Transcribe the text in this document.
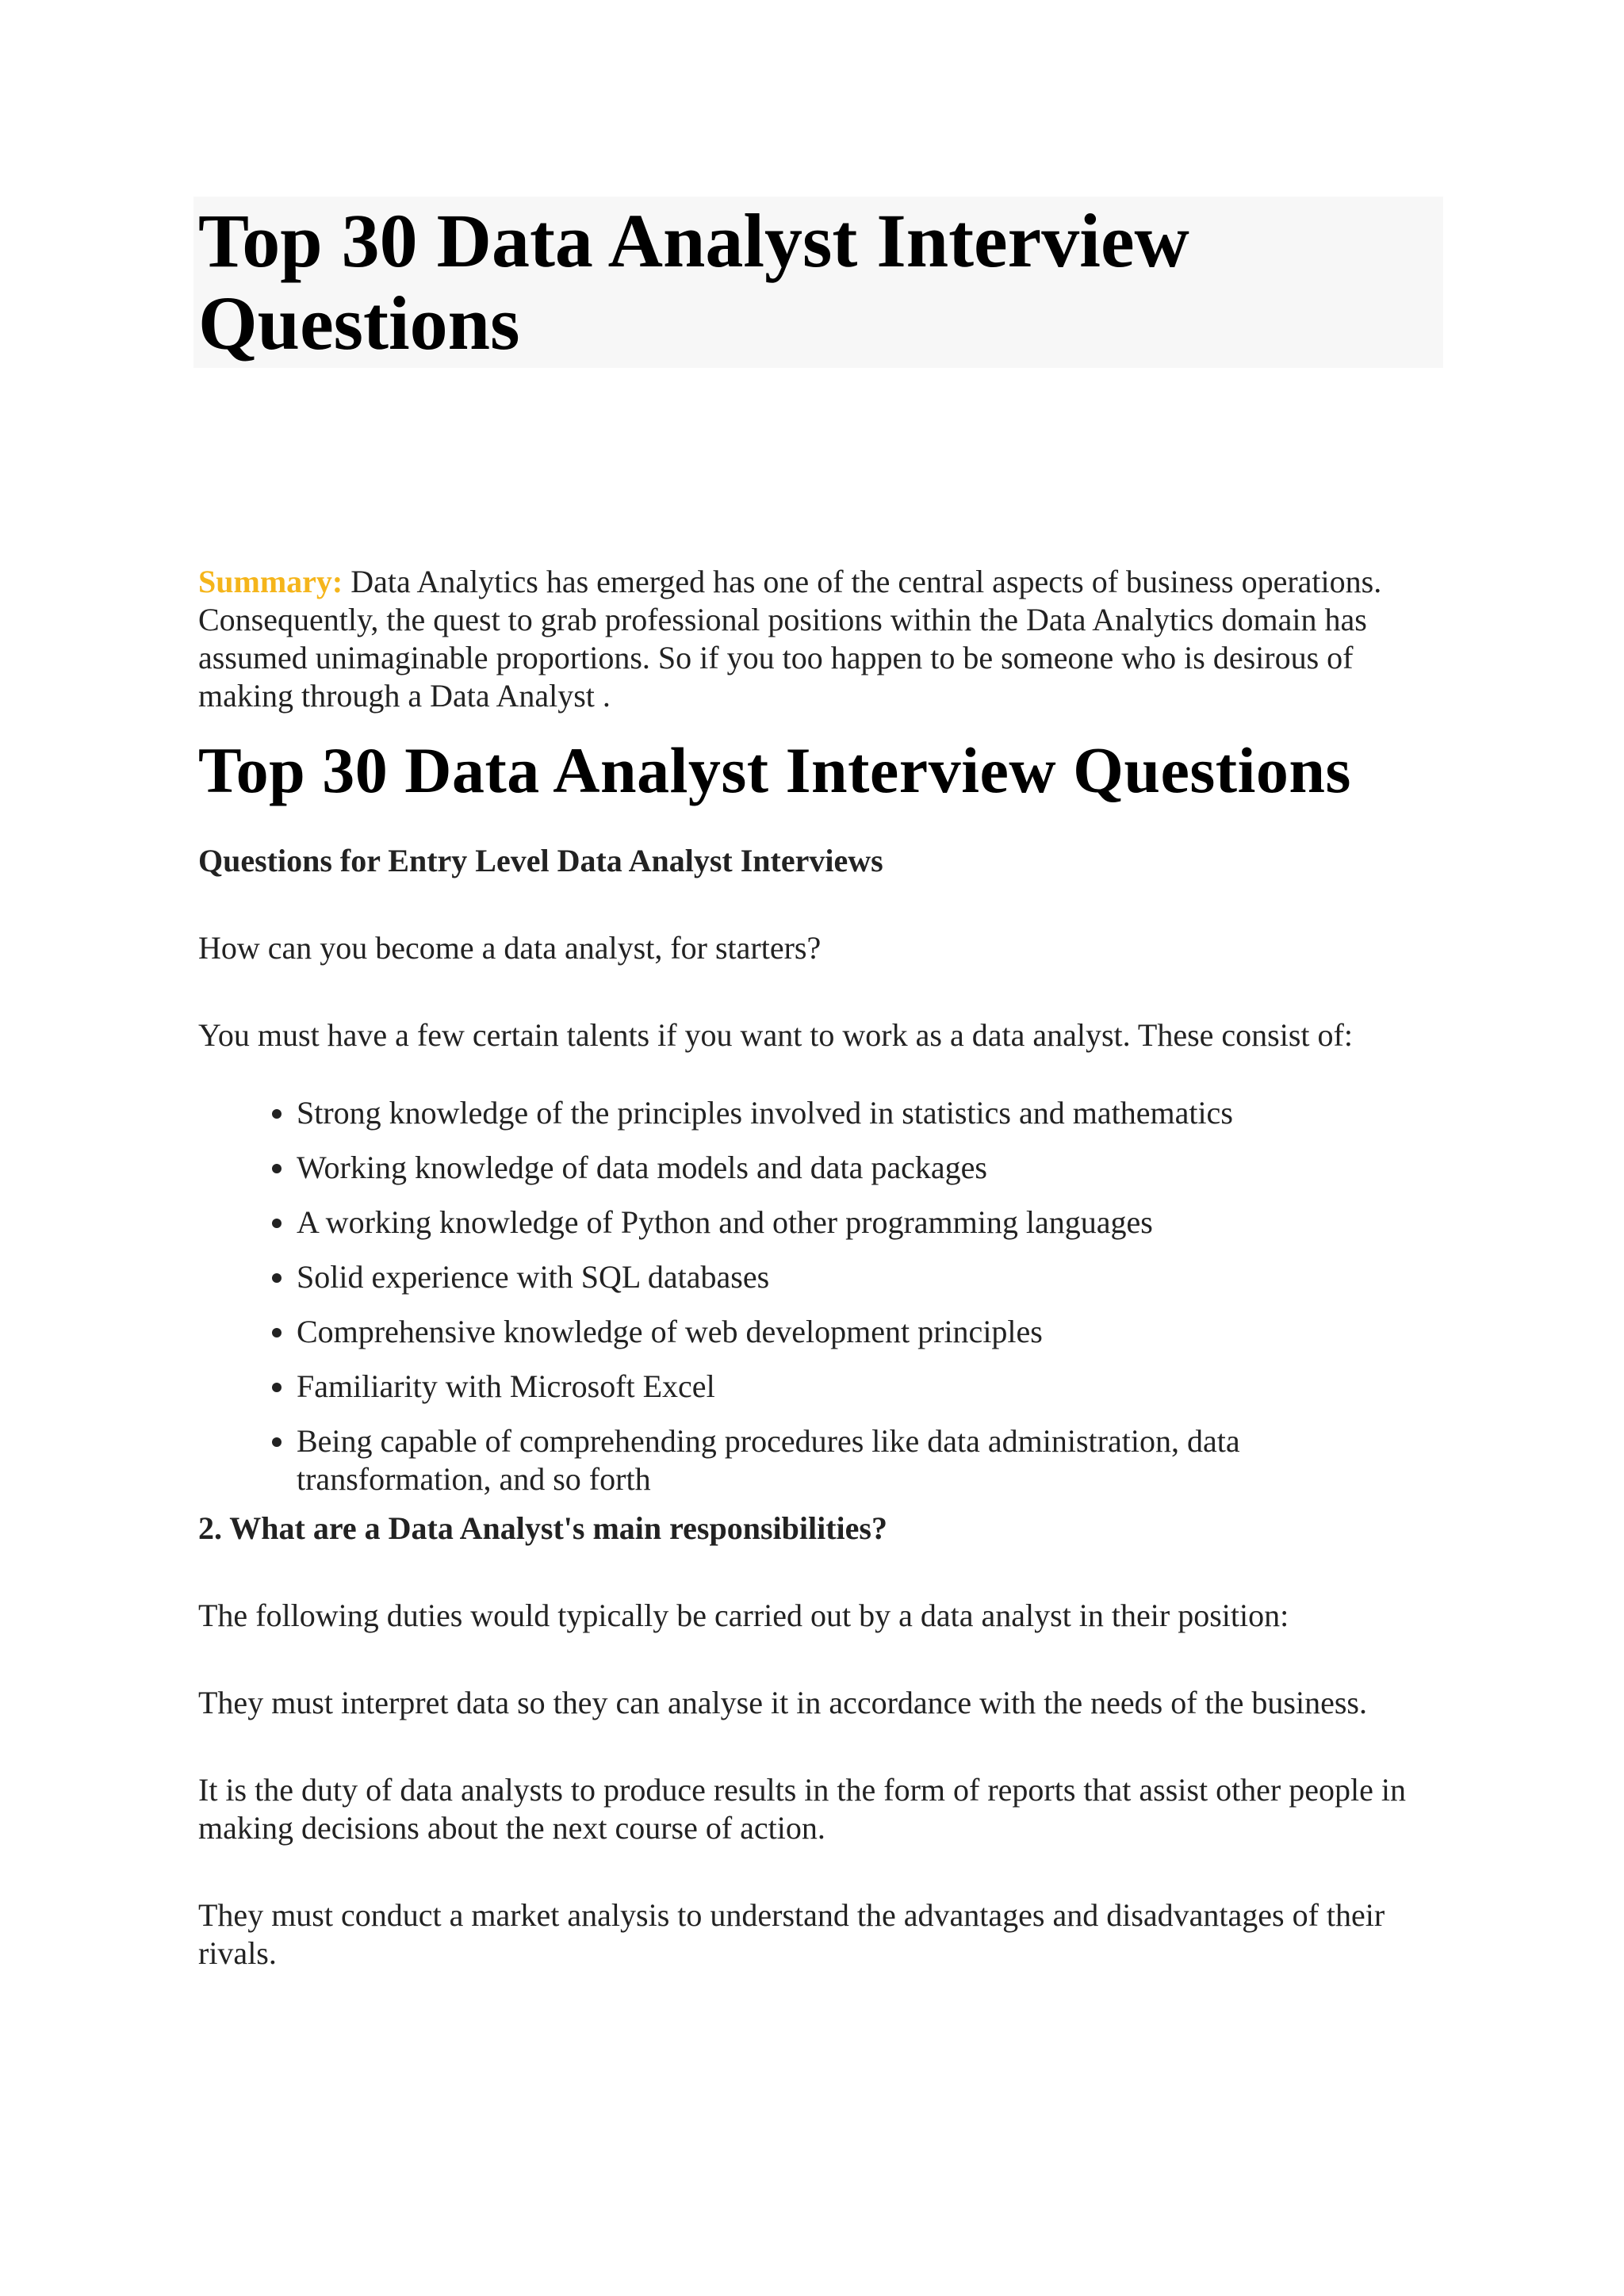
Top 30 Data Analyst Interview Questions

Summary: Data Analytics has emerged has one of the central aspects of business operations. Consequently, the quest to grab professional positions within the Data Analytics domain has assumed unimaginable proportions. So if you too happen to be someone who is desirous of making through a Data Analyst .

Top 30 Data Analyst Interview Questions
Questions for Entry Level Data Analyst Interviews

How can you become a data analyst, for starters?

You must have a few certain talents if you want to work as a data analyst. These consist of:

• Strong knowledge of the principles involved in statistics and mathematics
• Working knowledge of data models and data packages
• A working knowledge of Python and other programming languages
• Solid experience with SQL databases
• Comprehensive knowledge of web development principles
• Familiarity with Microsoft Excel
• Being capable of comprehending procedures like data administration, data transformation, and so forth
2. What are a Data Analyst's main responsibilities?

The following duties would typically be carried out by a data analyst in their position:

They must interpret data so they can analyse it in accordance with the needs of the business.

It is the duty of data analysts to produce results in the form of reports that assist other people in making decisions about the next course of action.

They must conduct a market analysis to understand the advantages and disadvantages of their rivals.
